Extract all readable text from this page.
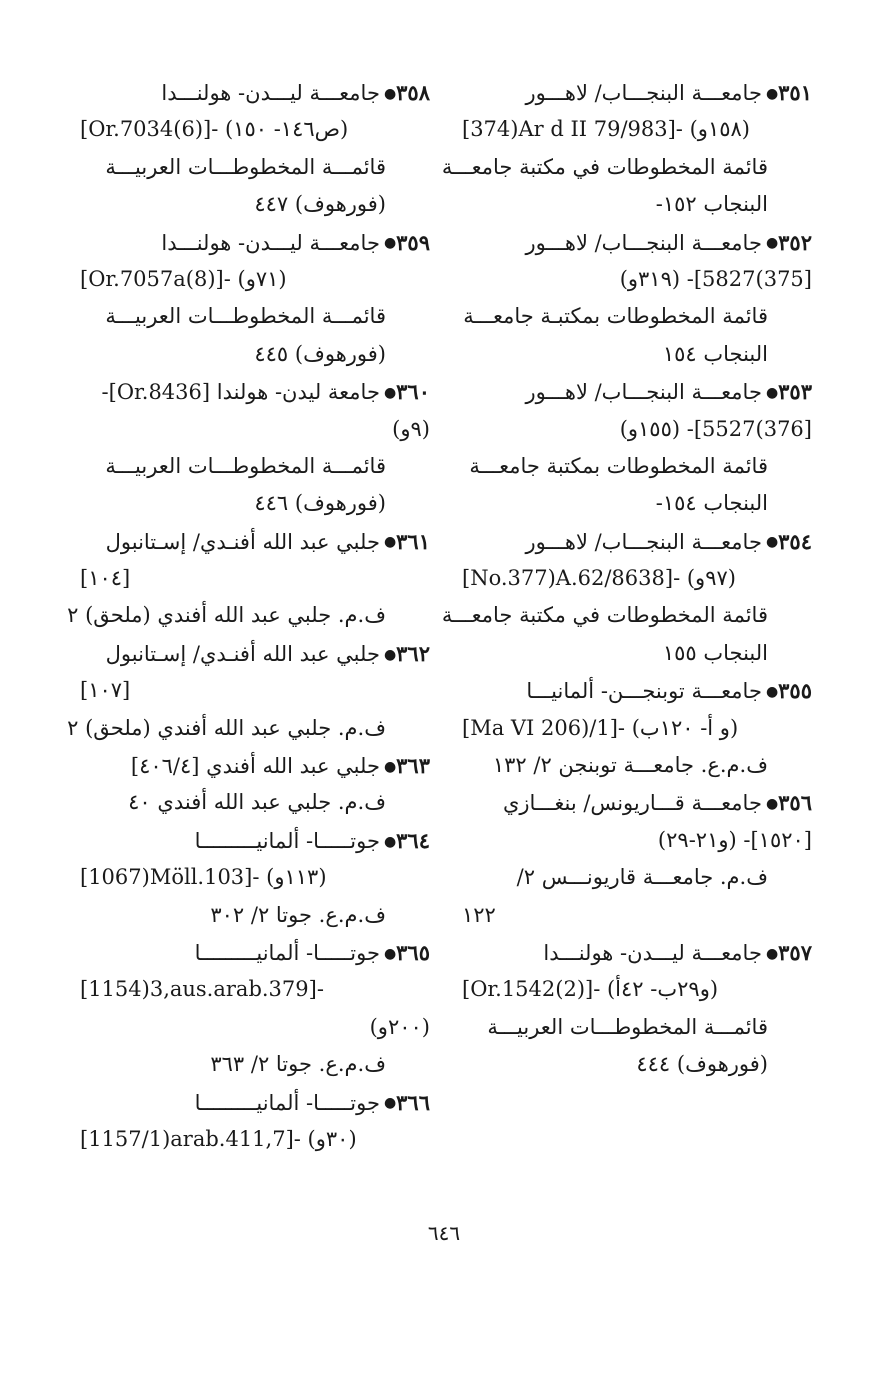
٣٥١●جامعـــة البنجـــاب/ لاهـــور
[374)Ar d II 79/983]- (١٥٨و)
قائمة المخطوطات في مكتبة جامعـــة
البنجاب ١٥٢-
٣٥٢●جامعـــة البنجـــاب/ لاهـــور
[375)5827]- (٣١٩و)
قائمة المخطوطات بمكتبـة جامعـــة
البنجاب ١٥٤
٣٥٣●جامعـــة البنجـــاب/ لاهـــور
[376)5527]- (١٥٥و)
قائمة المخطوطات بمكتبة جامعـــة
البنجاب ١٥٤-
٣٥٤●جامعـــة البنجـــاب/ لاهـــور
[No.377)A.62/8638]- (٩٧و)
قائمة المخطوطات في مكتبة جامعـــة
البنجاب ١٥٥
٣٥٥●جامعـــة توبنجـــن- ألمانيـــا
[Ma VI 206)/1]- (و أ- ١٢٠ب)
ف.م.ع. جامعـــة توبنجن ٢/ ١٣٢
٣٥٦●جامعـــة قـــاريونس/ بنغـــازي
[١٥٢٠]- (و٢١-٢٩)
ف.م. جامعـــة قاريونـــس ٢/
١٢٢
٣٥٧●جامعـــة ليـــدن- هولنـــدا
[Or.1542(2)]- (و٢٩ب- ٤٢أ)
قائمـــة المخطوطـــات العربيـــة
(فورهوف) ٤٤٤
٣٥٨●جامعـــة ليـــدن- هولنـــدا
[Or.7034(6)]- (ص١٤٦- ١٥٠)
قائمـــة المخطوطـــات العربيـــة
(فورهوف) ٤٤٧
٣٥٩●جامعـــة ليـــدن- هولنـــدا
[Or.7057a(8)]- (٧١و)
قائمـــة المخطوطـــات العربيـــة
(فورهوف) ٤٤٥
٣٦٠●جامعة ليدن- هولندا [Or.8436]-
(٩و)
قائمـــة المخطوطـــات العربيـــة
(فورهوف) ٤٤٦
٣٦١●جلبي عبد الله أفنـدي/ إسـتانبول
[١٠٤]
ف.م. جلبي عبد الله أفندي (ملحق) ٢
٣٦٢●جلبي عبد الله أفنـدي/ إسـتانبول
[١٠٧]
ف.م. جلبي عبد الله أفندي (ملحق) ٢
٣٦٣●جلبي عبد الله أفندي [٤٠٦/٤]
ف.م. جلبي عبد الله أفندي ٤٠
٣٦٤●جوتـــــا- ألمانيـــــــــا
[1067)Möll.103]- (١١٣و)
ف.م.ع. جوتا ٢/ ٣٠٢
٣٦٥●جوتـــــا- ألمانيـــــــــا
[1154)3,aus.arab.379]-
(٢٠٠و)
ف.م.ع. جوتا ٢/ ٣٦٣
٣٦٦●جوتـــــا- ألمانيـــــــــا
[1157/1)arab.411,7]- (٣٠و)
٦٤٦
